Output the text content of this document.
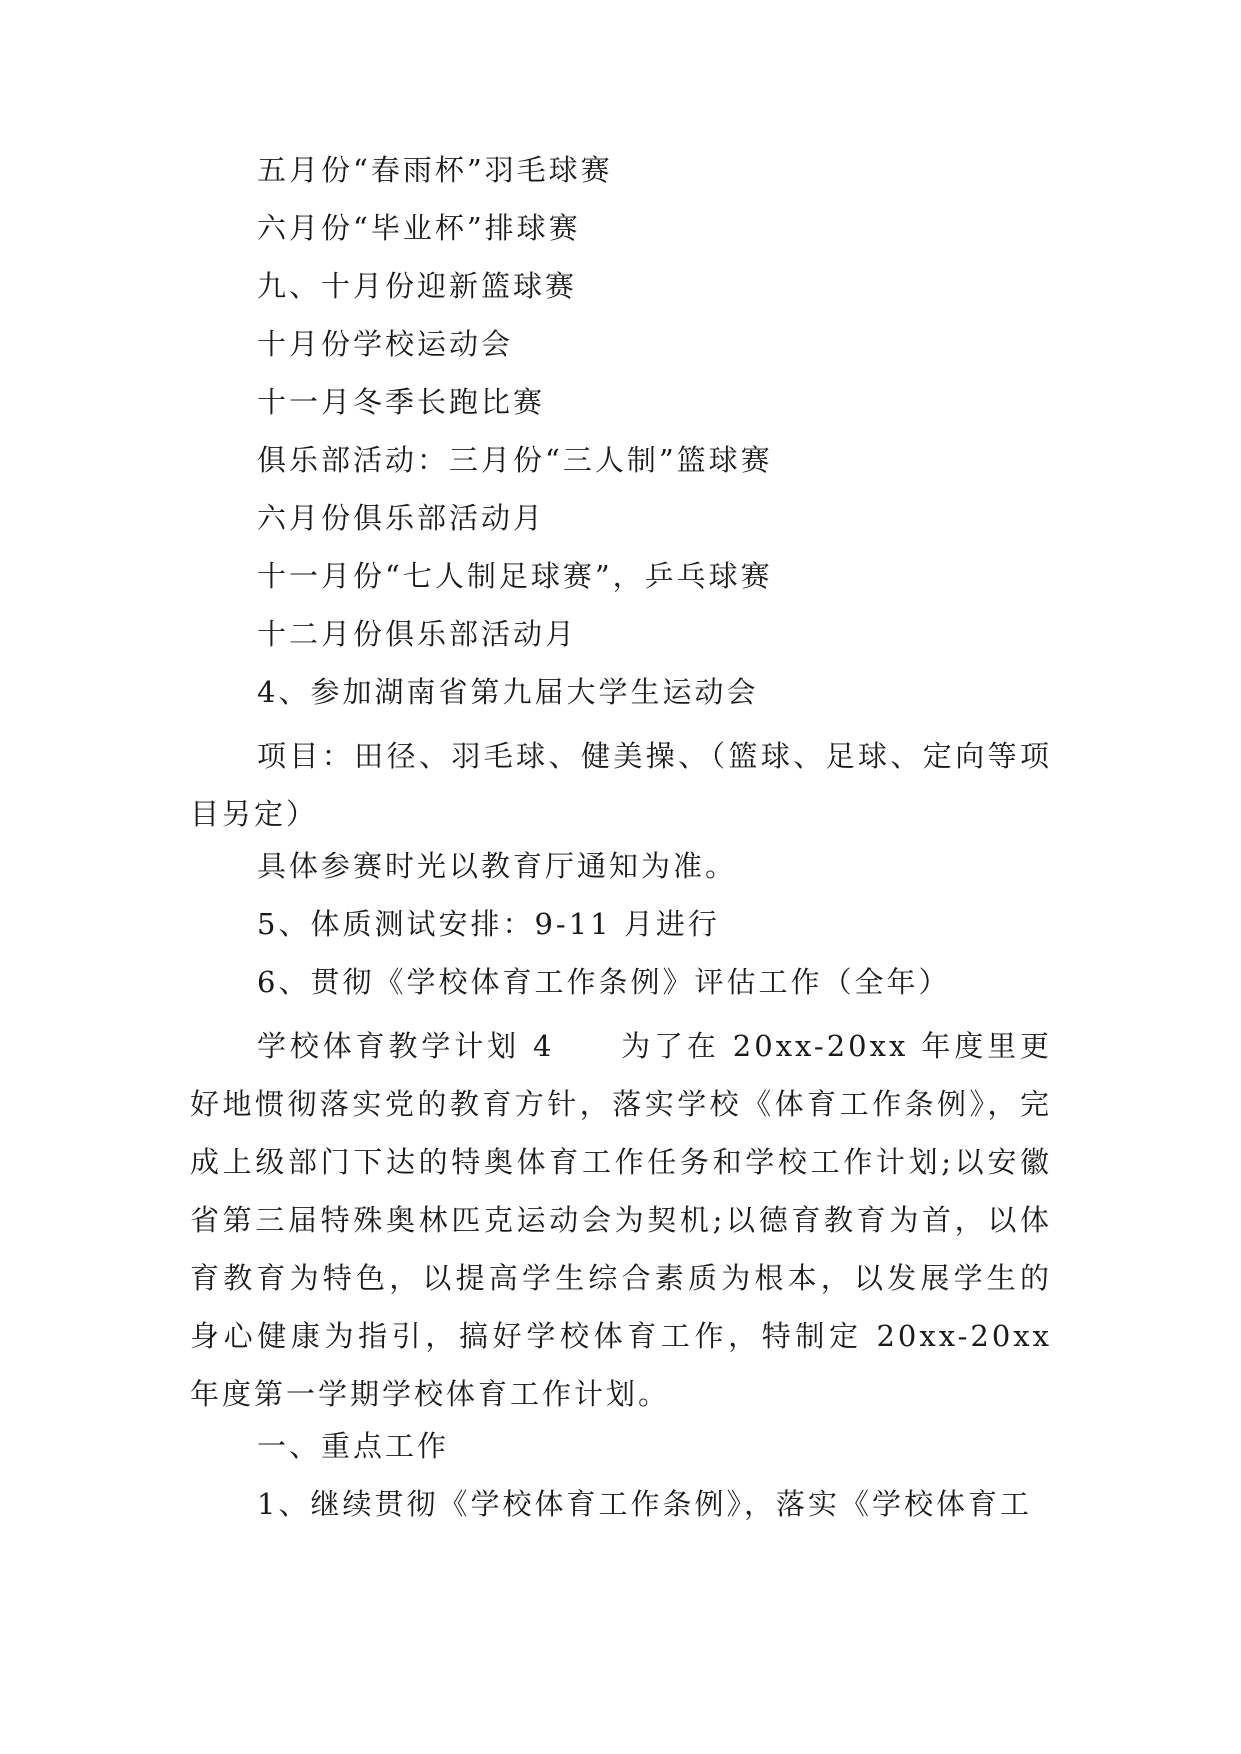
五月份“春雨杯”羽毛球赛
六月份“毕业杯”排球赛
九、十月份迎新篮球赛
十月份学校运动会
十一月冬季长跑比赛
俱乐部活动：三月份“三人制”篮球赛
六月份俱乐部活动月
十一月份“七人制足球赛”，乒乓球赛
十二月份俱乐部活动月
4、参加湖南省第九届大学生运动会
项目：田径、羽毛球、健美操、（篮球、足球、定向等项目另定）
具体参赛时光以教育厅通知为准。
5、体质测试安排：9-11 月进行
6、贯彻《学校体育工作条例》评估工作（全年）
学校体育教学计划 4　　为了在 20xx-20xx 年度里更好地惯彻落实党的教育方针，落实学校《体育工作条例》，完成上级部门下达的特奥体育工作任务和学校工作计划;以安徽省第三届特殊奥林匹克运动会为契机;以德育教育为首，以体育教育为特色，以提高学生综合素质为根本，以发展学生的身心健康为指引，搞好学校体育工作，特制定 20xx-20xx 年度第一学期学校体育工作计划。
一、重点工作
1、继续贯彻《学校体育工作条例》，落实《学校体育工
